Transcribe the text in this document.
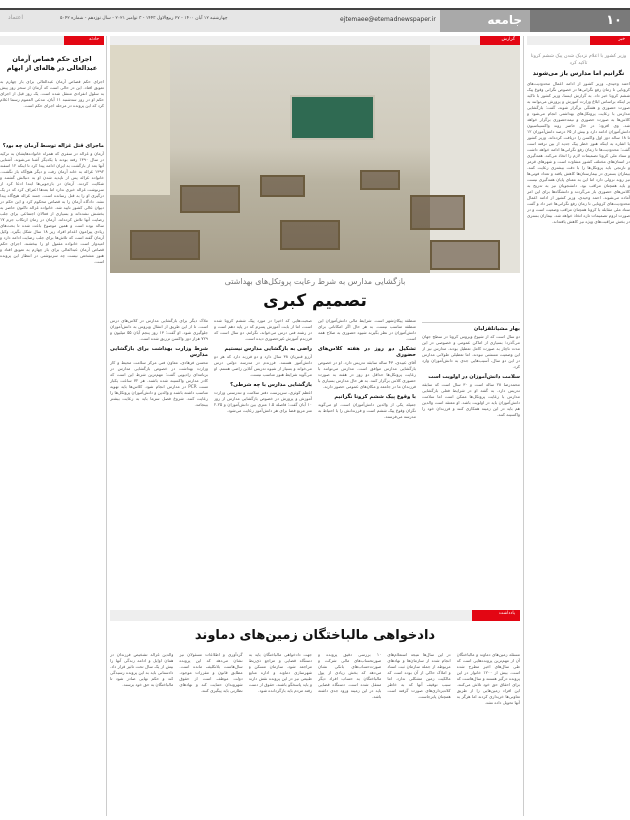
۱۰
جامعه
ejtemaee@etemadnewspaper.ir
چهارشنبه ۱۲ آبان ۱۴۰۰ - ۲۷ ربیع‌الاول ۱۴۴۳ - ۳ نوامبر ۲۰۲۱ - سال نوزدهم - شماره ۵۰۴۲
اعتماد
خبر
وزیر کشور با اعلام نزدیک شدن پیک ششم کرونا تاکید کرد
نگرانیم اما مدارس باز می‌شوند
احمد وحیدی، وزیر کشور از ادامه اعمال محدودیت‌های کرونایی تا زمان رفع نگرانی‌ها در خصوص نگرانی وقوع پیک ششم کرونا خبر داد. به گزارش ایسنا، وزیر کشور با تاکید بر اینکه براساس ابلاغ وزارت آموزش و پرورش می‌توانند به صورت حضوری و هفتگی برگزار شوند، گفت: بازگشایی مدارس با رعایت پروتکل‌های بهداشتی انجام می‌شود و کلاس‌ها به صورت حضوری و نیمه‌حضوری برگزار خواهد شد. وی افزود: در حال حاضر روند واکسیناسیون دانش‌آموزان ادامه دارد و بیش از ۶۵ درصد دانش‌آموزان ۱۲ تا ۱۸ ساله دوز اول واکسن را دریافت کرده‌اند. وزیر کشور با اشاره به اینکه هنوز خطر پیک جدید از بین نرفته است گفت: محدودیت‌ها تا زمان رفع نگرانی‌ها ادامه خواهد داشت و ستاد ملی کرونا تصمیمات لازم را اتخاذ می‌کند. همه‌گیری در استان‌های مختلف کشور متفاوت است و شهرهای قرمز و نارنجی باید پروتکل‌ها را با دقت بیشتری رعایت کنند. بیماران بستری در بیمارستان‌ها کاهش یافته و تعداد فوتی‌ها نیز روند نزولی دارد اما این به معنای پایان همه‌گیری نیست و باید همچنان مراقب بود. دانشجویان نیز به تدریج به کلاس‌های حضوری باز می‌گردند و دانشگاه‌ها برای این امر آماده می‌شوند. احمد وحیدی، وزیر کشور از ادامه اعمال محدودیت‌های کرونایی تا زمان رفع نگرانی‌ها خبر داد و گفت ستاد ملی مقابله با کرونا همچنان مراقب وضعیت است و در صورت لزوم تصمیمات تازه اتخاذ خواهد شد. بیماران بستری در بخش مراقبت‌های ویژه نیز کاهش یافته‌اند.
حادثه
اجرای حکم قصاص آرمان عبدالعالی در هاله‌ای از ابهام
اجرای حکم قصاص آرمان عبدالعالی برای بار چهارم به تعویق افتاد. این در حالی است که آرمان از سحر روز پیش به سلول انفرادی منتقل شده است. یک روز قبل از اجرای حکم او در روز سه‌شنبه ۱۱ آبان، مدعی العموم رسما اعلام کرد که این پرونده در مرحله اجرای حکم است.
ماجرای قتل غزاله توسط آرمان چه بود؟
آرمان و غزاله در سفری که همراه خانواده‌هایشان به ترکیه در سال ۱۳۹۰ رفته بودند با یکدیگر آشنا می‌شوند. آشنایی آنها بعد از بازگشت به ایران ادامه پیدا کرد تا اینکه ۱۲ اسفند ۱۳۹۲ غزاله به خانه آرمان رفت و دیگر هیچ‌گاه باز نگشت. خانواده غزاله پس از ناپدید شدن او به دنبالش گشتند و شکایت کردند. آرمان در بازجویی‌ها ابتدا ادعا کرد از سرنوشت غزاله خبری ندارد اما بعدها اعتراف کرد که در یک درگیری او را به قتل رسانده است. جسد غزاله هیچ‌گاه پیدا نشد. دادگاه آرمان را به قصاص محکوم کرد و این حکم در دیوان عالی کشور تایید شد. خانواده غزاله تاکنون حاضر به بخشش نشده‌اند و بسیاری از فعالان اجتماعی برای جلب رضایت آنها تلاش کرده‌اند. آرمان در زمان ارتکاب جرم ۱۷ ساله بوده است و همین موضوع باعث شده تا بحث‌های زیادی پیرامون اعدام افراد زیر ۱۸ سال شکل بگیرد. وکیل آرمان گفته است که تلاش‌ها برای جلب رضایت ادامه دارد و امیدوار است خانواده مقتول او را ببخشند. اجرای حکم قصاص آرمان عبدالعالی برای بار چهارم به تعویق افتاد و هنوز مشخص نیست چه سرنوشتی در انتظار این پرونده است.
گزارش
بازگشایی مدارس به شرط رعایت پروتکل‌های بهداشتی
تصمیم کبری
بهار مشیانلقزلبان
دو سال است که از شیوع ویروس کرونا در سطح جهان می‌گذرد؛ بسیاری از اماکن عمومی و خصوصی در این مدت ناچار به صورت کامل تعطیل بودند. مدارس نیز از این وضعیت مستثنی نبودند. اما تعطیلی طولانی مدارس در این دو سال، آسیب‌هایی جدی به دانش‌آموزان وارد کرد.
سلامت دانش‌آموزان در اولویت است
محمدرضا ۲۸ ساله است و ۳۰ سال است که سابقه تدریس دارد. به گفته او در شرایط فعلی بازگشایی مدارس با رعایت پروتکل‌ها ممکن است اما سلامت دانش‌آموزان باید در اولویت باشد. او معتقد است والدین هم باید در این زمینه همکاری کنند و فرزندان خود را واکسینه کنند.
منطقه پیکان‌شهر است. شرایط مالی دانش‌آموزان این منطقه مناسب نیست. به هر حال اگر امکاناتی برای دانش‌آموزان در نظر بگیرند شیوه حضوری به صلاح همه است.
تشکیل دو روز در هفته کلاس‌های حضوری
آقای عبیدی، ۴۳ ساله سابقه تدریس دارد. او در خصوص بازگشایی مدارس موافق است. مدارس می‌توانند با رعایت پروتکل‌ها حداقل دو روز در هفته به صورت حضوری کلاس برگزار کنند. به هر حال مدارس بسیاری با فرزندان ما در جامعه و مکان‌های عمومی حضور دارند.
با وقوع پیک ششم کرونا نگرانیم
جمیله یکی از والدین دانش‌آموزان است. او می‌گوید نگران وقوع پیک ششم است و فرزندانش را با احتیاط به مدرسه می‌فرستد.
صحبت‌هایی که اخیرا در مورد پیک ششم کرونا شده است، اما از بابت آموزش پسرم که در پایه دهم است و در رشته فنی درس می‌خواند، نگرانم. دو سال است که فرزندم آموزش غیرحضوری دیده است.
راضی به بازگشایی مدارس نیستیم
آرزو قنبریان ۳۸ سال دارد و دو فرزند دارد که هر دو دانش‌آموز هستند. فرزندم در مدرسه دولتی درس می‌خواند و بسیار از شیوه تدریس آنلاین راضی هستم. او می‌گوید شرایط هنوز مناسب نیست.
بازگشایی مدارس با چه شرطی؟
اعظم کوثری، سرپرست دفتر سلامت و تندرستی وزارت آموزش و پرورش در خصوص بازگشایی مدارس از روز ۱۰ آبان گفت: فاصله ۱.۵ متری بین دانش‌آموزان و ۲.۲۵ متر مربع فضا برای هر دانش‌آموز رعایت می‌شود.
ملاک دیگر برای بازگشایی مدارس در کلاس‌های درس است. تا از این طریق از انتقال ویروس به دانش‌آموزان جلوگیری شود. او گفت: ۱۳ روز پنجم آبان ۵۵ میلیون و ۷۲۹ هزار دوز واکسن تزریق شده است.
شرط وزارت بهداشت برای بازگشایی مدارس
محسن فرهادی، معاون فنی مرکز سلامت محیط و کار وزارت بهداشت در خصوص بازگشایی مدارس در برنامه‌ای رادیویی گفت: مهم‌ترین شرط این است که کادر مدارس واکسینه شده باشند. هر ۷۲ ساعت یکبار تست PCR در مدارس انجام شود. کلاس‌ها باید تهویه مناسب داشته باشند و والدین و دانش‌آموزان پروتکل‌ها را رعایت کنند. شروع فصل سرما باید به رعایت بیشتر بینجامد.
یادداشت
دادخواهی مالباختگان زمین‌های دماوند
مسئله زمین‌های دماوند و مالباختگان آن از مهم‌ترین پرونده‌هایی است که طی سال‌های اخیر مطرح شده است. بیش از ۱۲۰۰ خانوار در این پرونده درگیر هستند و سال‌هاست که برای احقاق حق خود تلاش می‌کنند. این افراد زمین‌هایی را از طریق تعاونی‌ها خریداری کردند اما هرگز به آنها تحویل داده نشد.
در این سال‌ها نتیجه استعلام‌های انجام شده از سازمان‌ها و نهادهای مربوطه از جمله سازمان ثبت اسناد و املاک حاکی از آن بوده است که مالکیت زمین مشکلی ندارد. اما سبب توقیف آنها که به خاطر کلاه‌برداری‌های صورت گرفته است همچنان پابرجاست.
۱۰ بررسی دقیق پرونده و صورتحساب‌های مالی شرکت و صورت‌حساب‌های بانکی نشان می‌دهد که بخش زیادی از پول مالباختگان به حساب افراد دیگر منتقل شده است. دستگاه قضایی باید در این زمینه ورود جدی داشته باشد.
جهت دادخواهی مالباختگان باید به دستگاه قضایی و مراجع ذی‌ربط مراجعه شود. سازمان مسکن و شهرسازی دماوند و اداره منابع طبیعی نیز در این پرونده نقش دارند و باید پاسخگو باشند. حقوق از دست رفته مردم باید بازگردانده شود.
گردآوری و اطلاعات مسئولان نیز نشان می‌دهد که این پرونده سال‌هاست بلاتکلیف مانده است. مطابق قانون و مقررات موجود، دولت موظف است از حقوق شهروندان حمایت کند و نهادهای نظارتی باید پیگیری کنند.
والدین غزاله تشخیص فرزندان در همان اوایل و ادامه زندگی آنها را بیش از یک سال تحت تاثیر قرار داد. دادستانی باید به این پرونده رسیدگی کند و حکم نهایی صادر شود تا مالباختگان به حق خود برسند.
